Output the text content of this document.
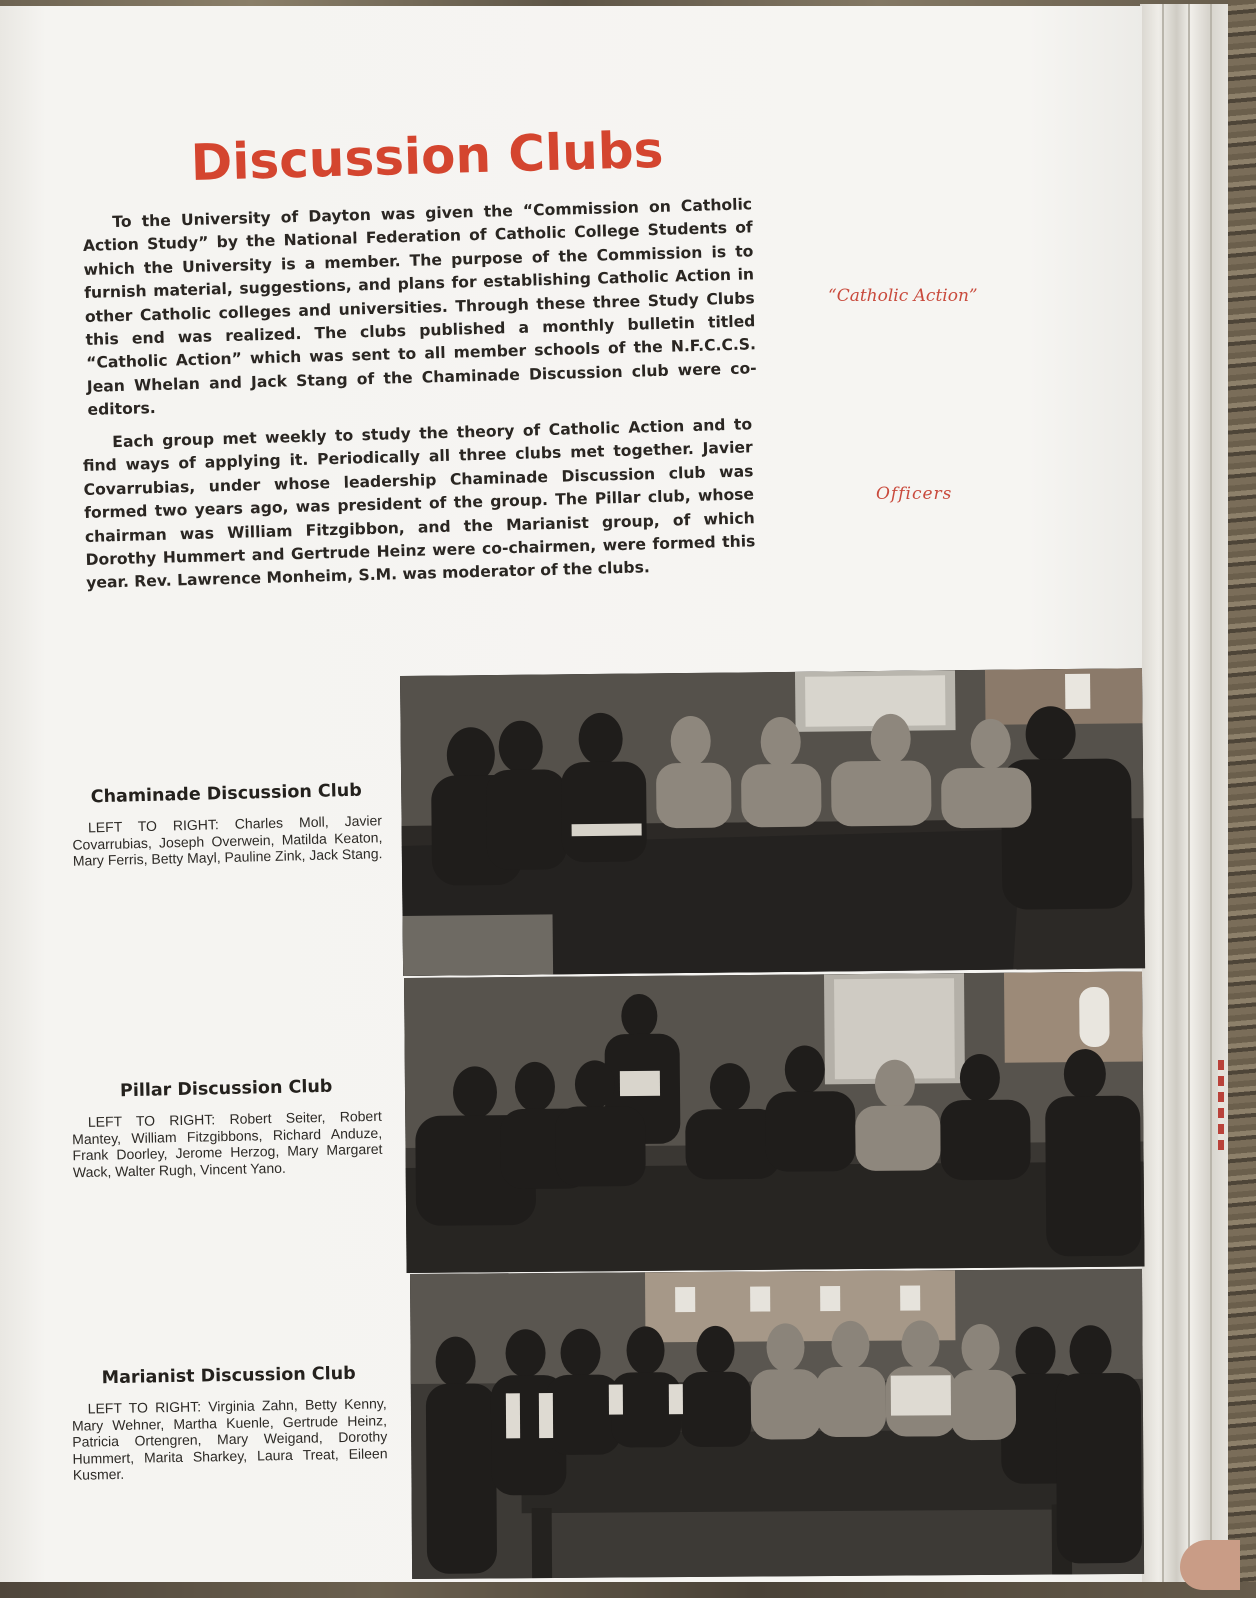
Discussion Clubs

To the University of Dayton was given the “Commission on Catholic Action Study” by the National Federation of Catholic College Students of which the University is a member. The purpose of the Commission is to furnish material, suggestions, and plans for establishing Catholic Action in other Catholic colleges and universities. Through these three Study Clubs this end was realized. The clubs published a monthly bulletin titled “Catholic Action” which was sent to all member schools of the N.F.C.C.S. Jean Whelan and Jack Stang of the Chaminade Discussion club were co-editors.

Each group met weekly to study the theory of Catholic Action and to find ways of applying it. Periodically all three clubs met together. Javier Covarrubias, under whose leadership Chaminade Discussion club was formed two years ago, was president of the group. The Pillar club, whose chairman was William Fitzgibbon, and the Marianist group, of which Dorothy Hummert and Gertrude Heinz were co-chairmen, were formed this year. Rev. Lawrence Monheim, S.M. was moderator of the clubs.

“Catholic Action”
Officers
Chaminade Discussion Club

LEFT TO RIGHT: Charles Moll, Javier Covarrubias, Joseph Overwein, Matilda Keaton, Mary Ferris, Betty Mayl, Pauline Zink, Jack Stang.

Pillar Discussion Club

LEFT TO RIGHT: Robert Seiter, Robert Mantey, William Fitzgibbons, Richard Anduze, Frank Doorley, Jerome Herzog, Mary Margaret Wack, Walter Rugh, Vincent Yano.

Marianist Discussion Club

LEFT TO RIGHT: Virginia Zahn, Betty Kenny, Mary Wehner, Martha Kuenle, Gertrude Heinz, Patricia Ortengren, Mary Weigand, Dorothy Hummert, Marita Sharkey, Laura Treat, Eileen Kusmer.
